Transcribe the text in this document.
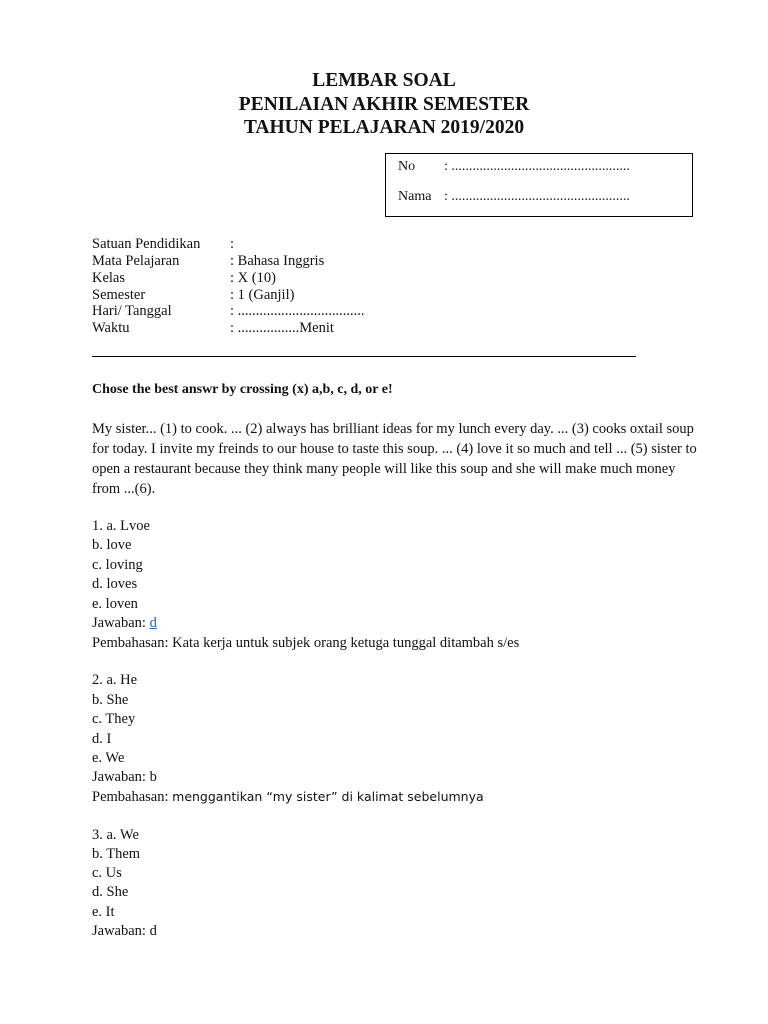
LEMBAR SOAL
PENILAIAN AKHIR SEMESTER
TAHUN PELAJARAN 2019/2020
No : ...................................................
Nama : ...................................................
Satuan Pendidikan :
Mata Pelajaran	: Bahasa Inggris
Kelas	: X (10)
Semester	: 1 (Ganjil)
Hari/ Tanggal	: ...................................
Waktu	: .................Menit
Chose the best answr by crossing (x) a,b, c, d, or e!
My sister... (1) to cook. ... (2) always has brilliant ideas for my lunch every day. ... (3) cooks oxtail soup for today. I invite my freinds to our house to taste this soup. ... (4) love it so much and tell ... (5) sister to open a restaurant because they think many people will like this soup and she will make much money from ...(6).
1. a. Lvoe
b. love
c. loving
d. loves
e. loven
Jawaban: d
Pembahasan: Kata kerja untuk subjek orang ketuga tunggal ditambah s/es
2. a. He
b. She
c. They
d. I
e. We
Jawaban: b
Pembahasan: menggantikan “my sister” di kalimat sebelumnya
3. a. We
b. Them
c. Us
d. She
e. It
Jawaban: d
